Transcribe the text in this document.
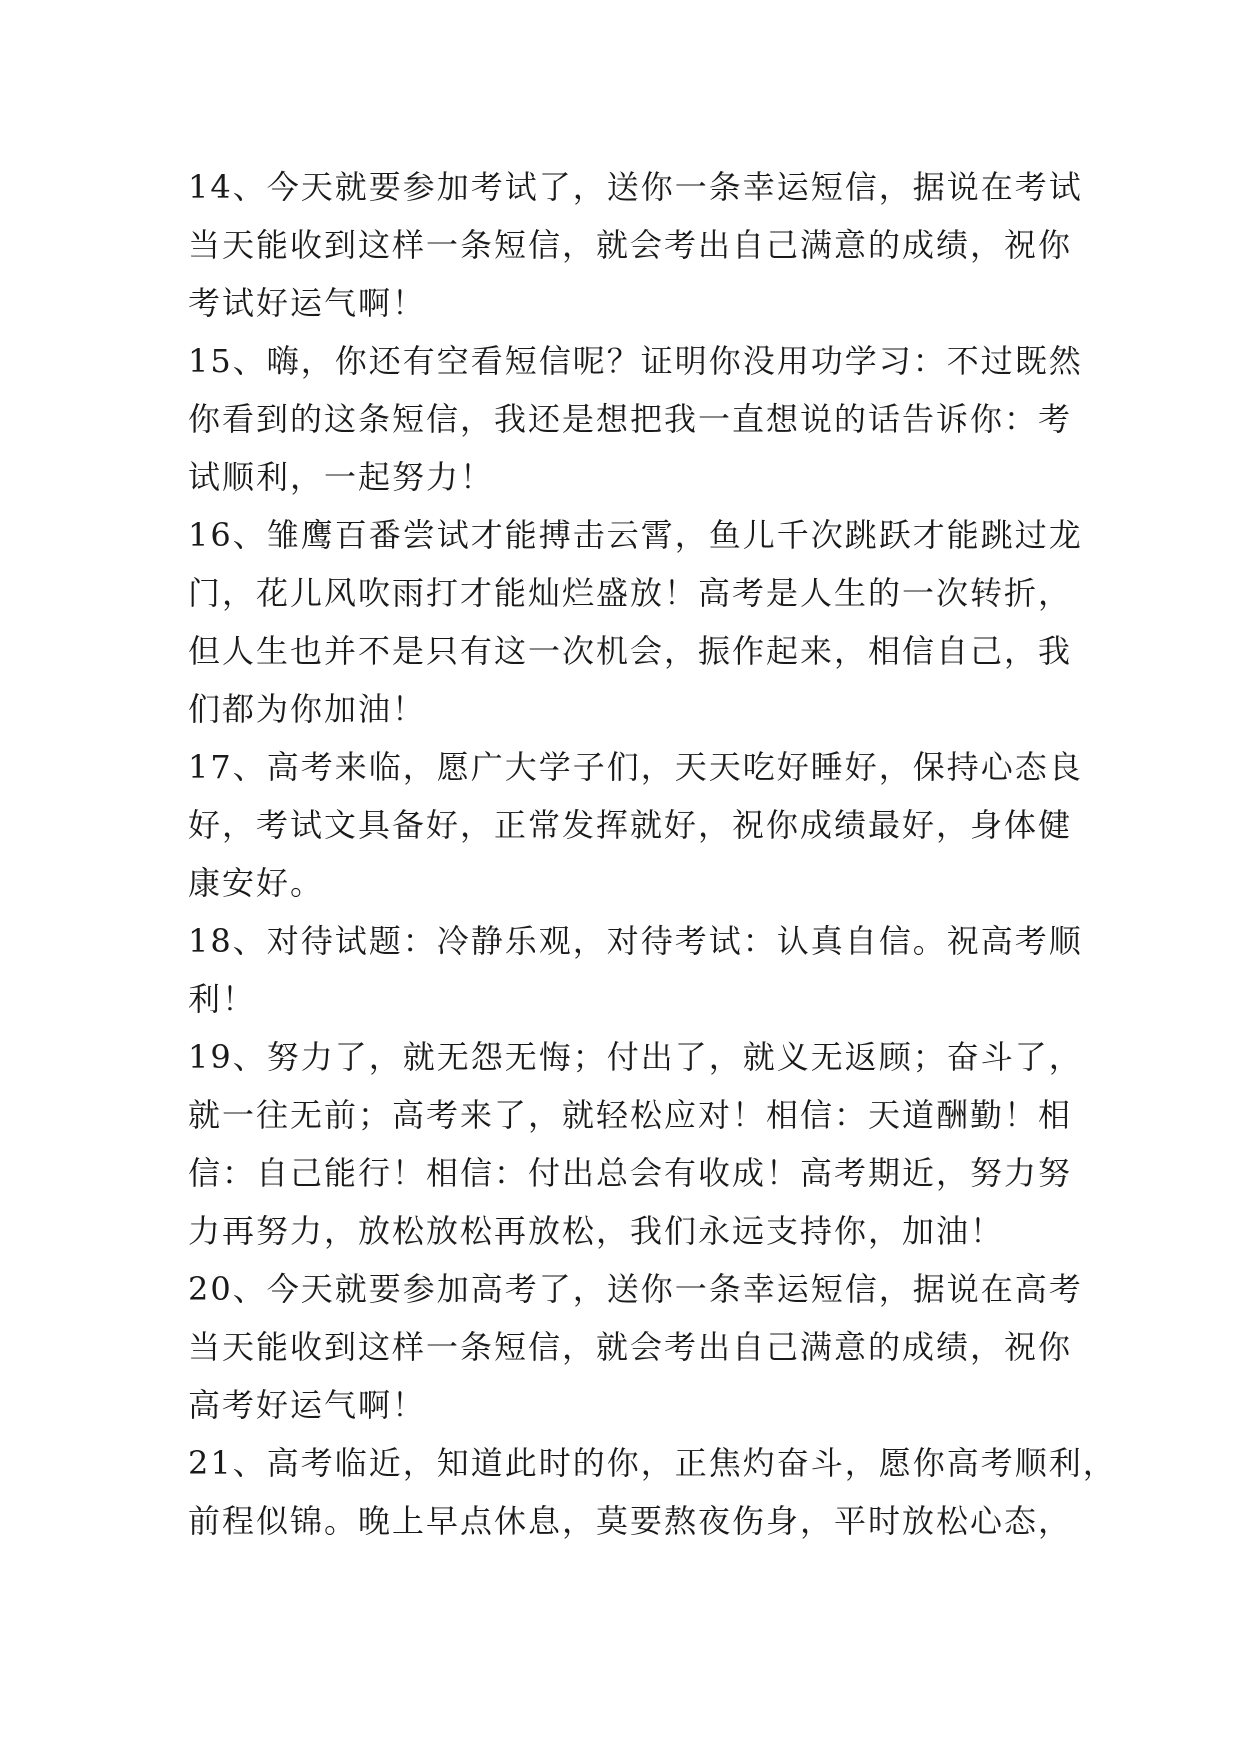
14、今天就要参加考试了，送你一条幸运短信，据说在考试
当天能收到这样一条短信，就会考出自己满意的成绩，祝你
考试好运气啊！
15、嗨，你还有空看短信呢？证明你没用功学习：不过既然
你看到的这条短信，我还是想把我一直想说的话告诉你：考
试顺利，一起努力！
16、雏鹰百番尝试才能搏击云霄，鱼儿千次跳跃才能跳过龙
门，花儿风吹雨打才能灿烂盛放！高考是人生的一次转折，
但人生也并不是只有这一次机会，振作起来，相信自己，我
们都为你加油！
17、高考来临，愿广大学子们，天天吃好睡好，保持心态良
好，考试文具备好，正常发挥就好，祝你成绩最好，身体健
康安好。
18、对待试题：冷静乐观，对待考试：认真自信。祝高考顺
利！
19、努力了，就无怨无悔；付出了，就义无返顾；奋斗了，
就一往无前；高考来了，就轻松应对！相信：天道酬勤！相
信：自己能行！相信：付出总会有收成！高考期近，努力努
力再努力，放松放松再放松，我们永远支持你，加油！
20、今天就要参加高考了，送你一条幸运短信，据说在高考
当天能收到这样一条短信，就会考出自己满意的成绩，祝你
高考好运气啊！
21、高考临近，知道此时的你，正焦灼奋斗，愿你高考顺利，
前程似锦。晚上早点休息，莫要熬夜伤身，平时放松心态，
